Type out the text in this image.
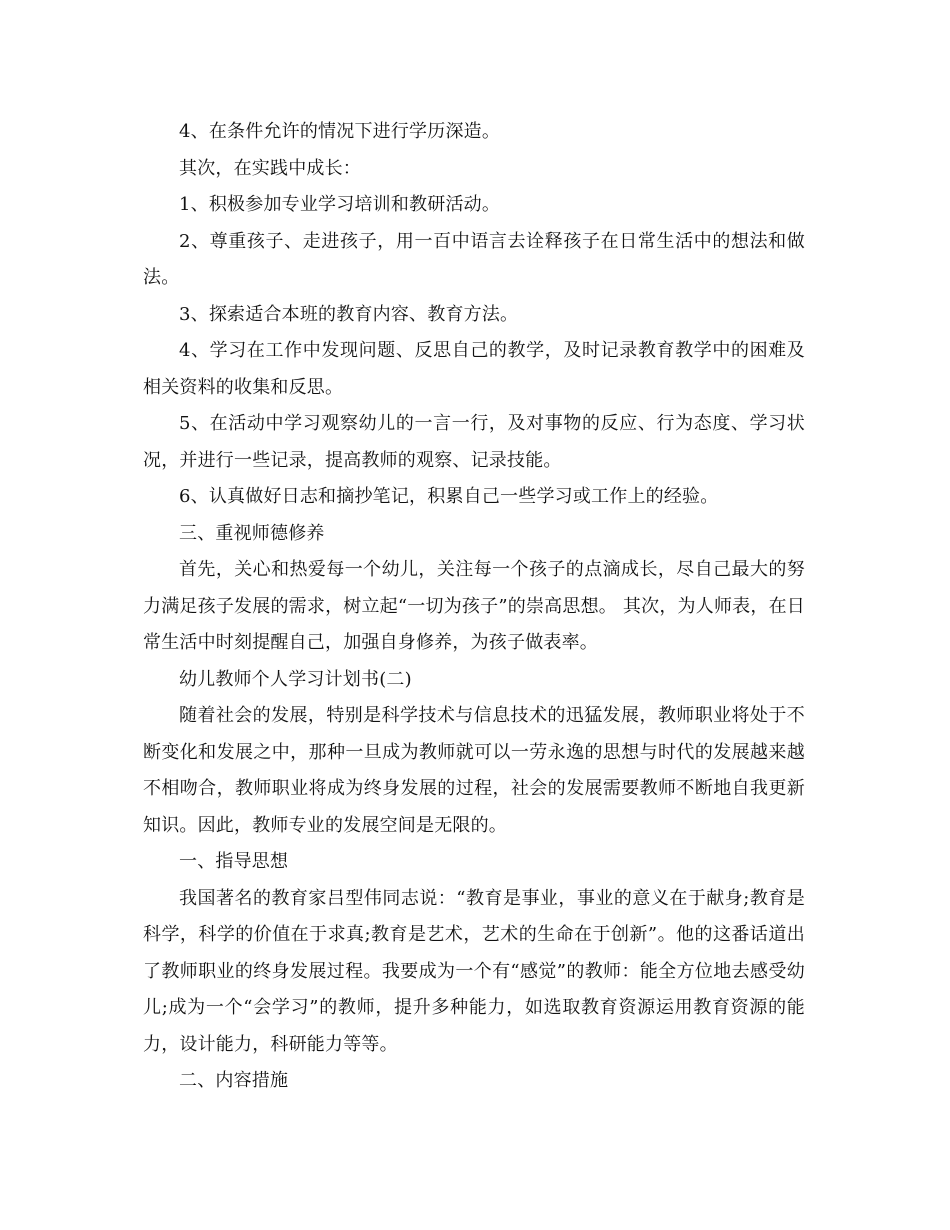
4、在条件允许的情况下进行学历深造。

其次，在实践中成长：

1、积极参加专业学习培训和教研活动。

2、尊重孩子、走进孩子，用一百中语言去诠释孩子在日常生活中的想法和做法。

3、探索适合本班的教育内容、教育方法。

4、学习在工作中发现问题、反思自己的教学，及时记录教育教学中的困难及相关资料的收集和反思。

5、在活动中学习观察幼儿的一言一行，及对事物的反应、行为态度、学习状况，并进行一些记录，提高教师的观察、记录技能。

6、认真做好日志和摘抄笔记，积累自己一些学习或工作上的经验。

三、重视师德修养

首先，关心和热爱每一个幼儿，关注每一个孩子的点滴成长，尽自己最大的努力满足孩子发展的需求，树立起“一切为孩子”的崇高思想。 其次，为人师表，在日常生活中时刻提醒自己，加强自身修养，为孩子做表率。

幼儿教师个人学习计划书(二)

随着社会的发展，特别是科学技术与信息技术的迅猛发展，教师职业将处于不断变化和发展之中，那种一旦成为教师就可以一劳永逸的思想与时代的发展越来越不相吻合，教师职业将成为终身发展的过程，社会的发展需要教师不断地自我更新知识。因此，教师专业的发展空间是无限的。

一、指导思想

我国著名的教育家吕型伟同志说：“教育是事业，事业的意义在于献身;教育是科学，科学的价值在于求真;教育是艺术，艺术的生命在于创新”。他的这番话道出了教师职业的终身发展过程。我要成为一个有“感觉”的教师：能全方位地去感受幼儿;成为一个“会学习”的教师，提升多种能力，如选取教育资源运用教育资源的能力，设计能力，科研能力等等。

二、内容措施
